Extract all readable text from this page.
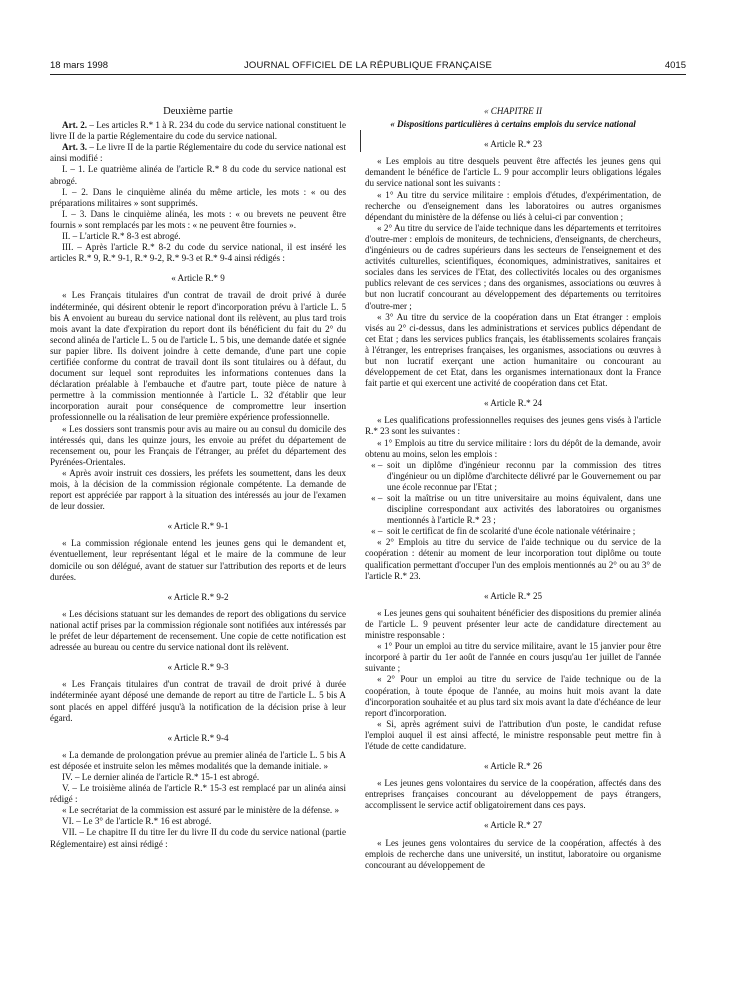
18 mars 1998	JOURNAL OFFICIEL DE LA RÉPUBLIQUE FRANÇAISE	4015

Deuxième partie

Art. 2. – Les articles R.* 1 à R. 234 du code du service national constituent le livre II de la partie Réglementaire du code du service national.

Art. 3. – Le livre II de la partie Réglementaire du code du service national est ainsi modifié :

I. – 1. Le quatrième alinéa de l'article R.* 8 du code du service national est abrogé.

I. – 2. Dans le cinquième alinéa du même article, les mots : « ou des préparations militaires » sont supprimés.

I. – 3. Dans le cinquième alinéa, les mots : « ou brevets ne peuvent être fournis » sont remplacés par les mots : « ne peuvent être fournies ».

II. – L'article R.* 8-3 est abrogé.

III. – Après l'article R.* 8-2 du code du service national, il est inséré les articles R.* 9, R.* 9-1, R.* 9-2, R.* 9-3 et R.* 9-4 ainsi rédigés :

« Article R.* 9

« Les Français titulaires d'un contrat de travail de droit privé à durée indéterminée, qui désirent obtenir le report d'incorporation prévu à l'article L. 5 bis A envoient au bureau du service national dont ils relèvent, au plus tard trois mois avant la date d'expiration du report dont ils bénéficient du fait du 2° du second alinéa de l'article L. 5 ou de l'article L. 5 bis, une demande datée et signée sur papier libre. Ils doivent joindre à cette demande, d'une part une copie certifiée conforme du contrat de travail dont ils sont titulaires ou à défaut, du document sur lequel sont reproduites les informations contenues dans la déclaration préalable à l'embauche et d'autre part, toute pièce de nature à permettre à la commission mentionnée à l'article L. 32 d'établir que leur incorporation aurait pour conséquence de compromettre leur insertion professionnelle ou la réalisation de leur première expérience professionnelle.

« Les dossiers sont transmis pour avis au maire ou au consul du domicile des intéressés qui, dans les quinze jours, les envoie au préfet du département de recensement ou, pour les Français de l'étranger, au préfet du département des Pyrénées-Orientales.

« Après avoir instruit ces dossiers, les préfets les soumettent, dans les deux mois, à la décision de la commission régionale compétente. La demande de report est appréciée par rapport à la situation des intéressés au jour de l'examen de leur dossier.

« Article R.* 9-1

« La commission régionale entend les jeunes gens qui le demandent et, éventuellement, leur représentant légal et le maire de la commune de leur domicile ou son délégué, avant de statuer sur l'attribution des reports et de leurs durées.

« Article R.* 9-2

« Les décisions statuant sur les demandes de report des obligations du service national actif prises par la commission régionale sont notifiées aux intéressés par le préfet de leur département de recensement. Une copie de cette notification est adressée au bureau ou centre du service national dont ils relèvent.

« Article R.* 9-3

« Les Français titulaires d'un contrat de travail de droit privé à durée indéterminée ayant déposé une demande de report au titre de l'article L. 5 bis A sont placés en appel différé jusqu'à la notification de la décision prise à leur égard.

« Article R.* 9-4

« La demande de prolongation prévue au premier alinéa de l'article L. 5 bis A est déposée et instruite selon les mêmes modalités que la demande initiale. »

IV. – Le dernier alinéa de l'article R.* 15-1 est abrogé.

V. – Le troisième alinéa de l'article R.* 15-3 est remplacé par un alinéa ainsi rédigé :

« Le secrétariat de la commission est assuré par le ministère de la défense. »

VI. – Le 3° de l'article R.* 16 est abrogé.

VII. – Le chapitre II du titre Ier du livre II du code du service national (partie Réglementaire) est ainsi rédigé :

« CHAPITRE II

« Dispositions particulières à certains emplois du service national

« Article R.* 23

« Les emplois au titre desquels peuvent être affectés les jeunes gens qui demandent le bénéfice de l'article L. 9 pour accomplir leurs obligations légales du service national sont les suivants :

« 1° Au titre du service militaire : emplois d'études, d'expérimentation, de recherche ou d'enseignement dans les laboratoires ou autres organismes dépendant du ministère de la défense ou liés à celui-ci par convention ;

« 2° Au titre du service de l'aide technique dans les départements et territoires d'outre-mer : emplois de moniteurs, de techniciens, d'enseignants, de chercheurs, d'ingénieurs ou de cadres supérieurs dans les secteurs de l'enseignement et des activités culturelles, scientifiques, économiques, administratives, sanitaires et sociales dans les services de l'Etat, des collectivités locales ou des organismes publics relevant de ces services ; dans des organismes, associations ou œuvres à but non lucratif concourant au développement des départements ou territoires d'outre-mer ;

« 3° Au titre du service de la coopération dans un Etat étranger : emplois visés au 2° ci-dessus, dans les administrations et services publics dépendant de cet Etat ; dans les services publics français, les établissements scolaires français à l'étranger, les entreprises françaises, les organismes, associations ou œuvres à but non lucratif exerçant une action humanitaire ou concourant au développement de cet Etat, dans les organismes internationaux dont la France fait partie et qui exercent une activité de coopération dans cet Etat.

« Article R.* 24

« Les qualifications professionnelles requises des jeunes gens visés à l'article R.* 23 sont les suivantes :

« 1° Emplois au titre du service militaire : lors du dépôt de la demande, avoir obtenu au moins, selon les emplois :

« – soit un diplôme d'ingénieur reconnu par la commission des titres d'ingénieur ou un diplôme d'architecte délivré par le Gouvernement ou par une école reconnue par l'Etat ;

« – soit la maîtrise ou un titre universitaire au moins équivalent, dans une discipline correspondant aux activités des laboratoires ou organismes mentionnés à l'article R.* 23 ;

« – soit le certificat de fin de scolarité d'une école nationale vétérinaire ;

« 2° Emplois au titre du service de l'aide technique ou du service de la coopération : détenir au moment de leur incorporation tout diplôme ou toute qualification permettant d'occuper l'un des emplois mentionnés au 2° ou au 3° de l'article R.* 23.

« Article R.* 25

« Les jeunes gens qui souhaitent bénéficier des dispositions du premier alinéa de l'article L. 9 peuvent présenter leur acte de candidature directement au ministre responsable :

« 1° Pour un emploi au titre du service militaire, avant le 15 janvier pour être incorporé à partir du 1er août de l'année en cours jusqu'au 1er juillet de l'année suivante ;

« 2° Pour un emploi au titre du service de l'aide technique ou de la coopération, à toute époque de l'année, au moins huit mois avant la date d'incorporation souhaitée et au plus tard six mois avant la date d'échéance de leur report d'incorporation.

« Si, après agrément suivi de l'attribution d'un poste, le candidat refuse l'emploi auquel il est ainsi affecté, le ministre responsable peut mettre fin à l'étude de cette candidature.

« Article R.* 26

« Les jeunes gens volontaires du service de la coopération, affectés dans des entreprises françaises concourant au développement de pays étrangers, accomplissent le service actif obligatoirement dans ces pays.

« Article R.* 27

« Les jeunes gens volontaires du service de la coopération, affectés à des emplois de recherche dans une université, un institut, laboratoire ou organisme concourant au développement de
